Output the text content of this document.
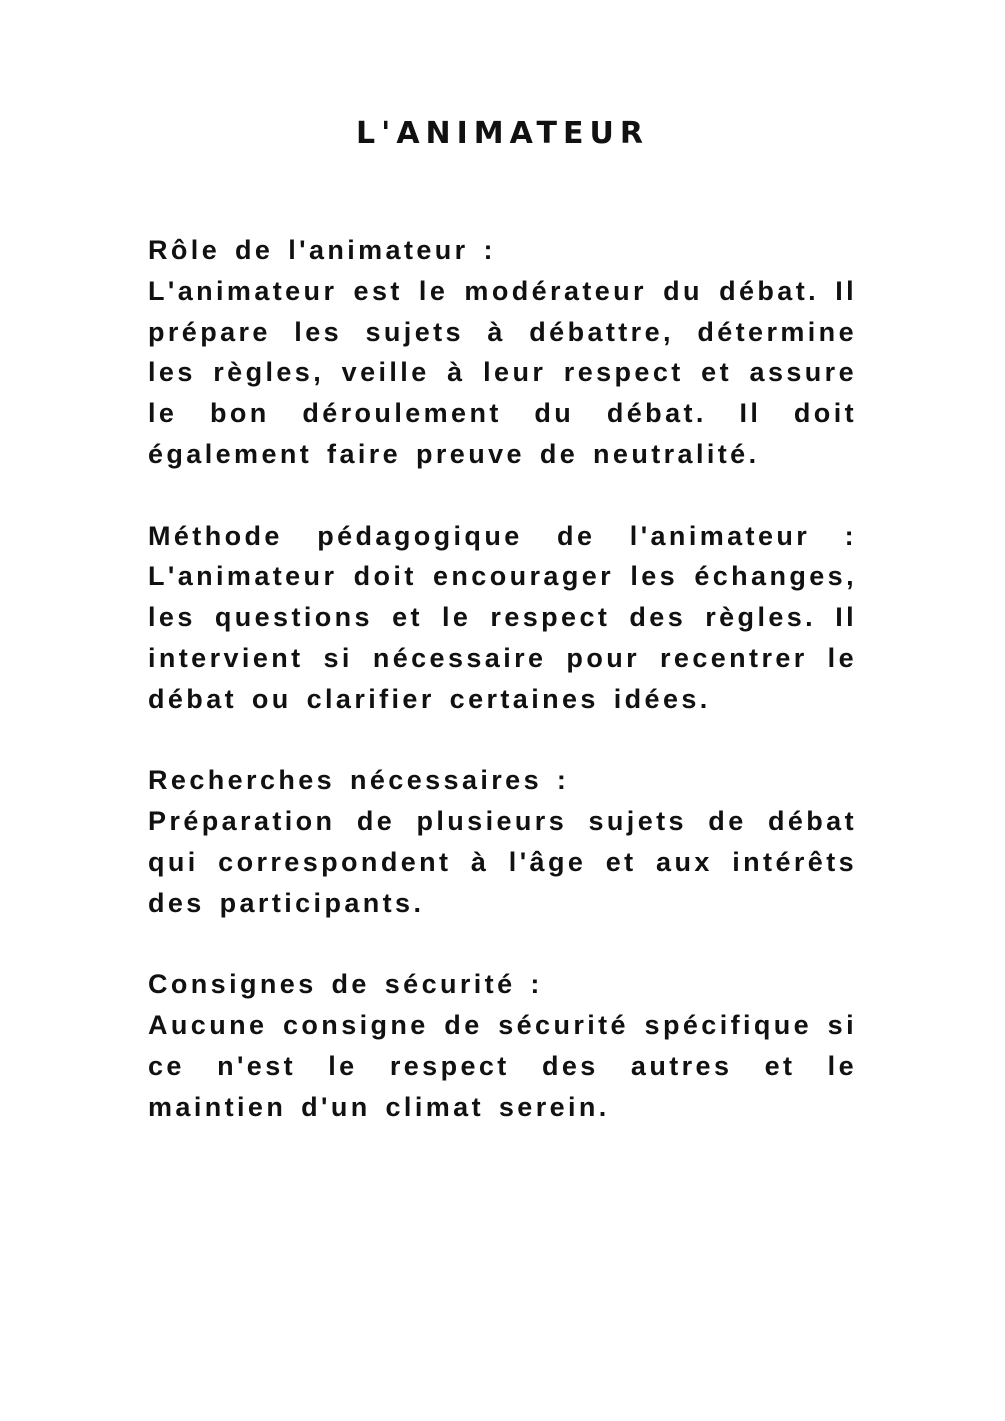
L'ANIMATEUR

Rôle de l'animateur :

L'animateur est le modérateur du débat. Il prépare les sujets à débattre, détermine les règles, veille à leur respect et assure le bon déroulement du débat. Il doit également faire preuve de neutralité.

Méthode pédagogique de l'animateur :

L'animateur doit encourager les échanges, les questions et le respect des règles. Il intervient si nécessaire pour recentrer le débat ou clarifier certaines idées.

Recherches nécessaires :

Préparation de plusieurs sujets de débat qui correspondent à l'âge et aux intérêts des participants.

Consignes de sécurité :

Aucune consigne de sécurité spécifique si ce n'est le respect des autres et le maintien d'un climat serein.
